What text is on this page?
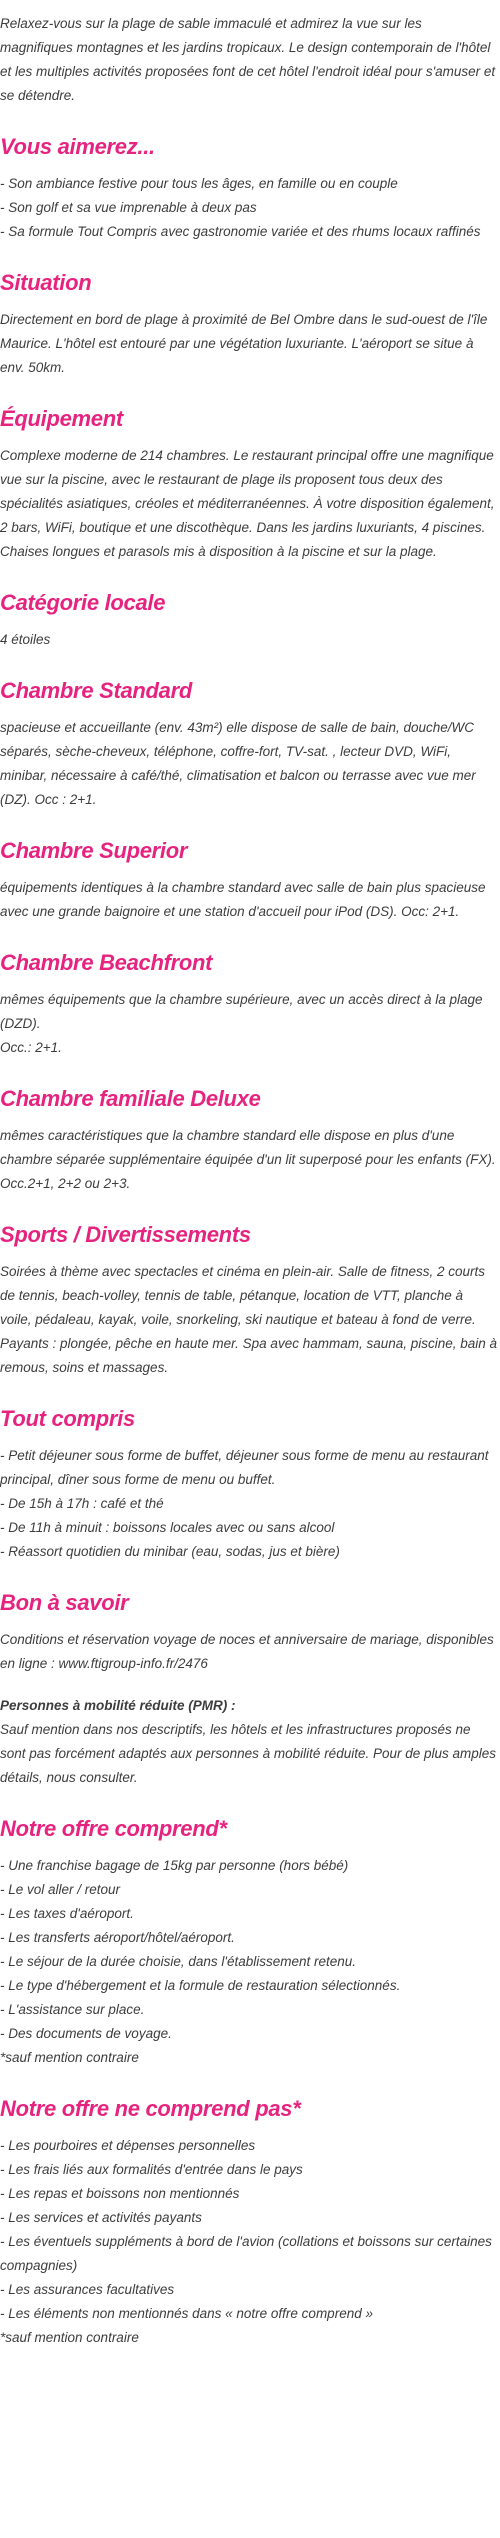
Relaxez-vous sur la plage de sable immaculé et admirez la vue sur les magnifiques montagnes et les jardins tropicaux. Le design contemporain de l'hôtel et les multiples activités proposées font de cet hôtel l'endroit idéal pour s'amuser et se détendre.

Vous aimerez...

- Son ambiance festive pour tous les âges, en famille ou en couple
- Son golf et sa vue imprenable à deux pas
- Sa formule Tout Compris avec gastronomie variée et des rhums locaux raffinés

Situation

Directement en bord de plage à proximité de Bel Ombre dans le sud-ouest de l'île Maurice. L'hôtel est entouré par une végétation luxuriante. L'aéroport se situe à env. 50km.

Équipement

Complexe moderne de 214 chambres. Le restaurant principal offre une magnifique vue sur la piscine, avec le restaurant de plage ils proposent tous deux des spécialités asiatiques, créoles et méditerranéennes. À votre disposition également, 2 bars, WiFi, boutique et une discothèque. Dans les jardins luxuriants, 4 piscines. Chaises longues et parasols mis à disposition à la piscine et sur la plage.

Catégorie locale

4 étoiles

Chambre Standard

spacieuse et accueillante (env. 43m²) elle dispose de salle de bain, douche/WC séparés, sèche-cheveux, téléphone, coffre-fort, TV-sat. , lecteur DVD, WiFi, minibar, nécessaire à café/thé, climatisation et balcon ou terrasse avec vue mer (DZ). Occ : 2+1.

Chambre Superior

équipements identiques à la chambre standard avec salle de bain plus spacieuse avec une grande baignoire et une station d'accueil pour iPod (DS). Occ: 2+1.

Chambre Beachfront

mêmes équipements que la chambre supérieure, avec un accès direct à la plage (DZD).
Occ.: 2+1.

Chambre familiale Deluxe

mêmes caractéristiques que la chambre standard elle dispose en plus d'une chambre séparée supplémentaire équipée d'un lit superposé pour les enfants (FX).
Occ.2+1, 2+2 ou 2+3.

Sports / Divertissements

Soirées à thème avec spectacles et cinéma en plein-air. Salle de fitness, 2 courts de tennis, beach-volley, tennis de table, pétanque, location de VTT, planche à voile, pédaleau, kayak, voile, snorkeling, ski nautique et bateau à fond de verre. Payants : plongée, pêche en haute mer. Spa avec hammam, sauna, piscine, bain à remous, soins et massages.

Tout compris

- Petit déjeuner sous forme de buffet, déjeuner sous forme de menu au restaurant principal, dîner sous forme de menu ou buffet.
- De 15h à 17h : café et thé
- De 11h à minuit : boissons locales avec ou sans alcool
- Réassort quotidien du minibar (eau, sodas, jus et bière)

Bon à savoir

Conditions et réservation voyage de noces et anniversaire de mariage, disponibles en ligne : www.ftigroup-info.fr/2476

Personnes à mobilité réduite (PMR) :
Sauf mention dans nos descriptifs, les hôtels et les infrastructures proposés ne sont pas forcément adaptés aux personnes à mobilité réduite. Pour de plus amples détails, nous consulter.

Notre offre comprend*

- Une franchise bagage de 15kg par personne (hors bébé)
- Le vol aller / retour
- Les taxes d'aéroport.
- Les transferts aéroport/hôtel/aéroport.
- Le séjour de la durée choisie, dans l'établissement retenu.
- Le type d'hébergement et la formule de restauration sélectionnés.
- L'assistance sur place.
- Des documents de voyage.
*sauf mention contraire

Notre offre ne comprend pas*

- Les pourboires et dépenses personnelles
- Les frais liés aux formalités d'entrée dans le pays
- Les repas et boissons non mentionnés
- Les services et activités payants
- Les éventuels suppléments à bord de l'avion (collations et boissons sur certaines compagnies)
- Les assurances facultatives
- Les éléments non mentionnés dans « notre offre comprend »
*sauf mention contraire
